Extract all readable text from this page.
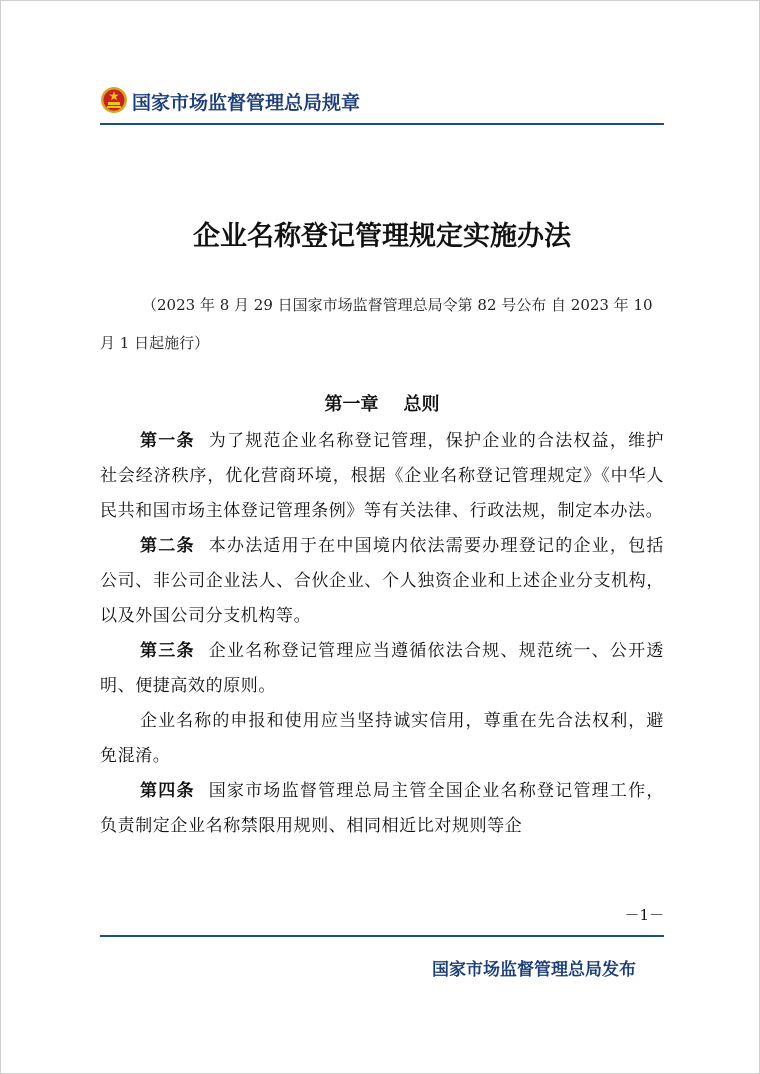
国家市场监督管理总局规章
企业名称登记管理规定实施办法
（2023 年 8 月 29 日国家市场监督管理总局令第 82 号公布 自 2023 年 10 月 1 日起施行）
第一章    总则

第一条 为了规范企业名称登记管理，保护企业的合法权益，维护社会经济秩序，优化营商环境，根据《企业名称登记管理规定》《中华人民共和国市场主体登记管理条例》等有关法律、行政法规，制定本办法。

第二条 本办法适用于在中国境内依法需要办理登记的企业，包括公司、非公司企业法人、合伙企业、个人独资企业和上述企业分支机构，以及外国公司分支机构等。

第三条 企业名称登记管理应当遵循依法合规、规范统一、公开透明、便捷高效的原则。

企业名称的申报和使用应当坚持诚实信用，尊重在先合法权利，避免混淆。

第四条 国家市场监督管理总局主管全国企业名称登记管理工作，负责制定企业名称禁限用规则、相同相近比对规则等企

－1－
国家市场监督管理总局发布
